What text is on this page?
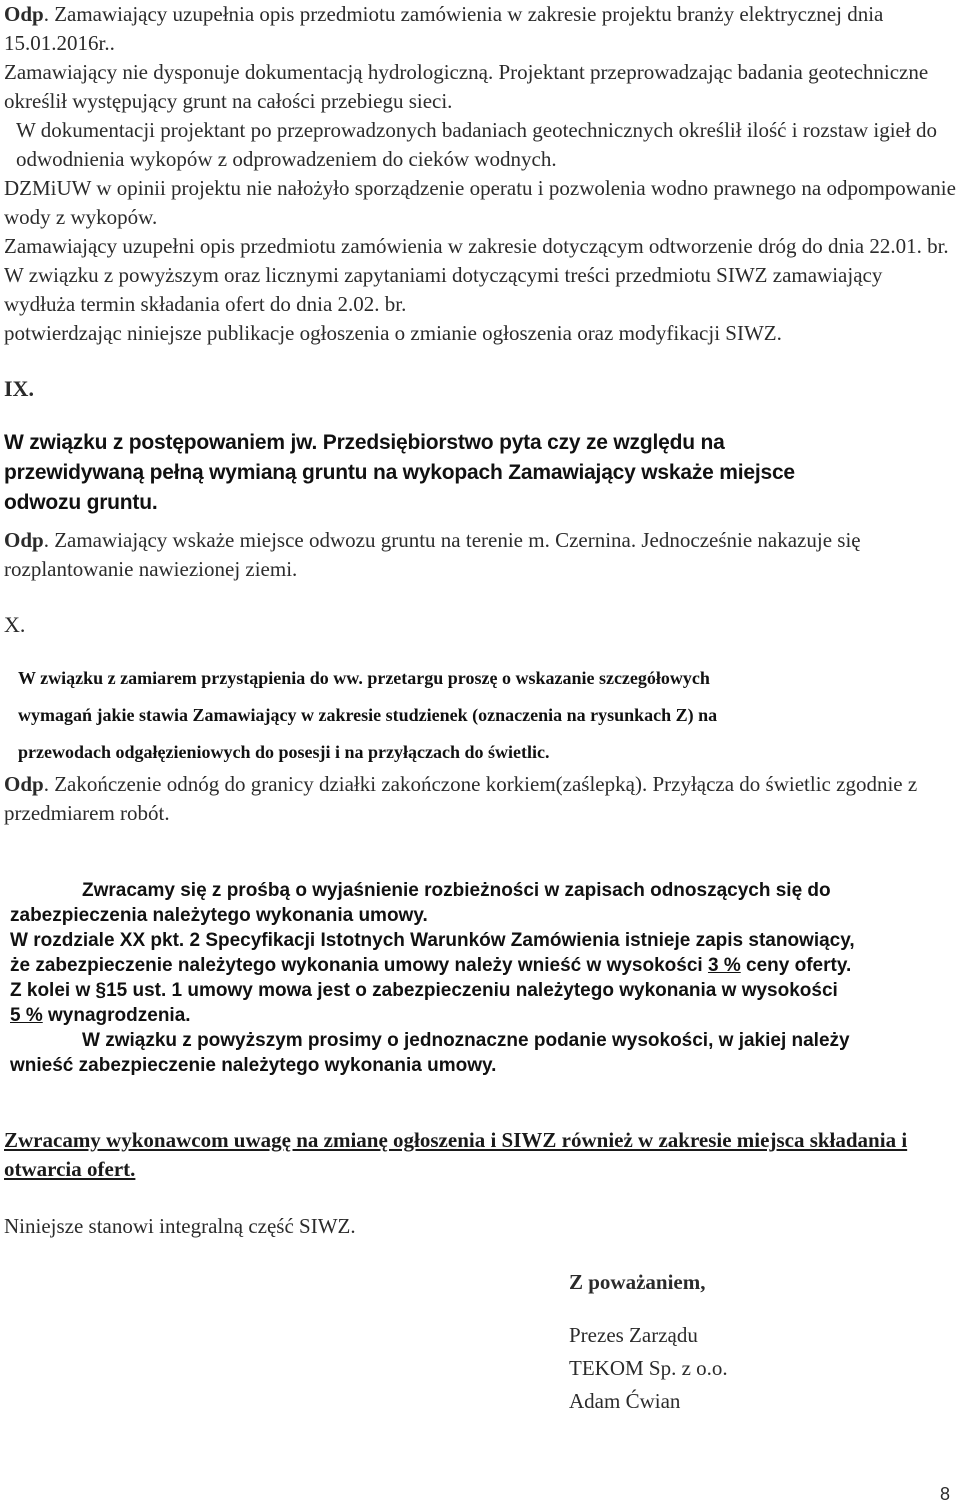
Odp. Zamawiający uzupełnia opis przedmiotu zamówienia w zakresie projektu branży elektrycznej dnia 15.01.2016r..

Zamawiający nie dysponuje dokumentacją hydrologiczną. Projektant przeprowadzając badania geotechniczne określił występujący grunt na całości przebiegu sieci.

W dokumentacji projektant po przeprowadzonych badaniach geotechnicznych określił ilość i rozstaw igieł do odwodnienia wykopów z odprowadzeniem do cieków wodnych.

DZMiUW w opinii projektu nie nałożyło sporządzenie operatu i pozwolenia wodno prawnego na odpompowanie wody z wykopów.

Zamawiający uzupełni opis przedmiotu zamówienia w zakresie dotyczącym odtworzenie dróg do dnia 22.01. br. W związku z powyższym oraz licznymi zapytaniami dotyczącymi treści przedmiotu SIWZ zamawiający wydłuża termin składania ofert do dnia 2.02. br.

potwierdzając niniejsze publikacje ogłoszenia o zmianie ogłoszenia oraz modyfikacji SIWZ.

IX.
W związku z postępowaniem jw. Przedsiębiorstwo pyta czy ze względu na
przewidywaną pełną wymianą gruntu na wykopach Zamawiający wskaże miejsce
odwozu gruntu.

Odp. Zamawiający wskaże miejsce odwozu gruntu na terenie m. Czernina. Jednocześnie nakazuje się rozplantowanie nawiezionej ziemi.

X.
W związku z zamiarem przystąpienia do ww. przetargu proszę o wskazanie szczegółowych
wymagań jakie stawia Zamawiający w zakresie studzienek (oznaczenia na rysunkach Z) na
przewodach odgałęzieniowych do posesji i na przyłączach do świetlic.

Odp. Zakończenie odnóg do granicy działki zakończone korkiem(zaślepką). Przyłącza do świetlic zgodnie z przedmiarem robót.

Zwracamy się z prośbą o wyjaśnienie rozbieżności w zapisach odnoszących się do
zabezpieczenia należytego wykonania umowy.
W rozdziale XX pkt. 2 Specyfikacji Istotnych Warunków Zamówienia istnieje zapis stanowiący,
że zabezpieczenie należytego wykonania umowy należy wnieść w wysokości 3 % ceny oferty.
Z kolei w §15 ust. 1 umowy mowa jest o zabezpieczeniu należytego wykonania w wysokości
5 % wynagrodzenia.
W związku z powyższym prosimy o jednoznaczne podanie wysokości, w jakiej należy
wnieść zabezpieczenie należytego wykonania umowy.

Zwracamy wykonawcom uwagę na zmianę ogłoszenia i SIWZ również w zakresie miejsca składania i otwarcia ofert.

Niniejsze stanowi integralną część SIWZ.

Z poważaniem,

Prezes Zarządu

TEKOM Sp. z o.o.

Adam Ćwian

8
